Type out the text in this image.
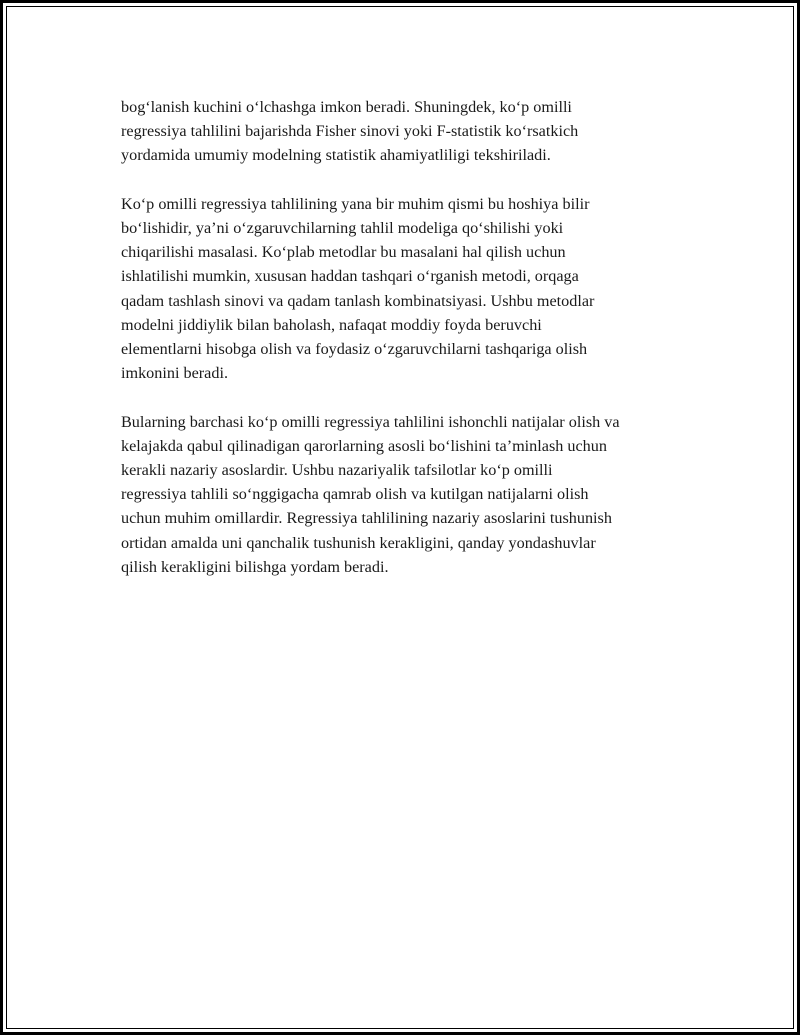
bog‘lanish kuchini o‘lchashga imkon beradi. Shuningdek, ko‘p omilli
regressiya tahlilini bajarishda Fisher sinovi yoki F-statistik ko‘rsatkich
yordamida umumiy modelning statistik ahamiyatliligi tekshiriladi.

Ko‘p omilli regressiya tahlilining yana bir muhim qismi bu hoshiya bilir
bo‘lishidir, ya’ni o‘zgaruvchilarning tahlil modeliga qo‘shilishi yoki
chiqarilishi masalasi. Ko‘plab metodlar bu masalani hal qilish uchun
ishlatilishi mumkin, xususan haddan tashqari o‘rganish metodi, orqaga
qadam tashlash sinovi va qadam tanlash kombinatsiyasi. Ushbu metodlar
modelni jiddiylik bilan baholash, nafaqat moddiy foyda beruvchi
elementlarni hisobga olish va foydasiz o‘zgaruvchilarni tashqariga olish
imkonini beradi.

Bularning barchasi ko‘p omilli regressiya tahlilini ishonchli natijalar olish va
kelajakda qabul qilinadigan qarorlarning asosli bo‘lishini ta’minlash uchun
kerakli nazariy asoslardir. Ushbu nazariyalik tafsilotlar ko‘p omilli
regressiya tahlili so‘nggigacha qamrab olish va kutilgan natijalarni olish
uchun muhim omillardir. Regressiya tahlilining nazariy asoslarini tushunish
ortidan amalda uni qanchalik tushunish kerakligini, qanday yondashuvlar
qilish kerakligini bilishga yordam beradi.
